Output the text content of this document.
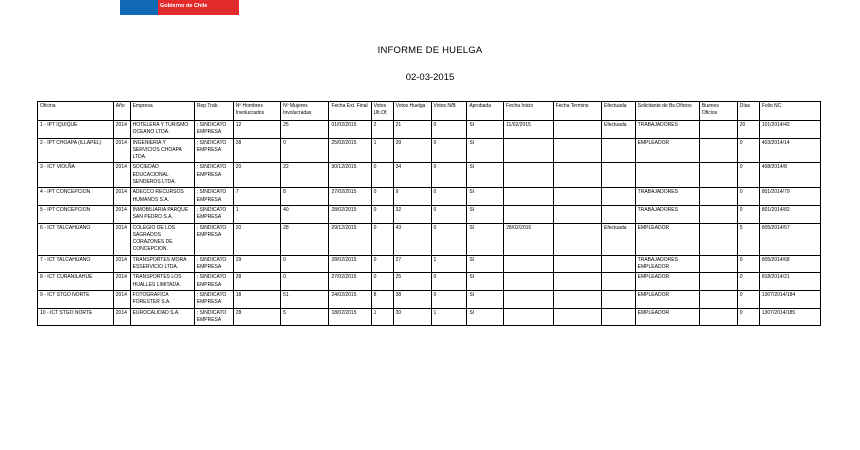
Gobierno de Chile
INFORME DE HUELGA
02-03-2015
Oficina	Año	Empresa	Rep.Trab.	Nº Hombres Involucrados	Nº Mujeres Involucradas	Fecha Ext. Final	Votos Ult.Of.	Votos Huelga	Votos N/B	Aprobada	Fecha Inicio	Fecha Termino	Efectuada	Solicitante de Bs.Oficios	Buenos Oficios	Días	Folio NC
1 - IPT IQUIQUE	2014	HOTELERA Y TURISMO OCEANO LTDA.	; SINDICATO EMPRESA	12	25	01/02/2015	2	21	0	SI	11/02/2015		Efectuada	TRABAJADORES		20	101/2014/42
2 - IPT CHOAPA (ILLAPEL)	2014	INGENIERIA Y SERVICIOS CHOAPA LTDA.	; SINDICATO EMPRESA	38	0	25/02/2015	1	39	0	SI				EMPLEADOR		0	403/2014/14
3 - ICT VIOLÑA	2014	SOCIEDAD EDUCACIONAL SENDEROS LTDA.	; SINDICATO EMPRESA	20	22	30/12/2015	0	34	0	SI						0	408/2014/8
4 - IPT CONCEPCION	2014	ADECCO RECURSOS HUMANOS S.A.	; SINDICATO EMPRESA	7	8	27/02/2015	0	9	0	SI				TRABAJADORES		0	801/2014/79
5 - IPT CONCEPCION	2014	INMOBILIARIA PARQUE SAN PEDRO S.A.	; SINDICATO EMPRESA	1	40	28/02/2015	0	32	0	SI				TRABAJADORES		0	801/2014/82
6 - ICT TALCAHUANO	2014	COLEGIO DE LOS SAGRADOS CORAZONES DE CONCEPCION.	; SINDICATO EMPRESA	20	28	29/12/2015	0	43	0	SI	28/02/2015		Efectuada	EMPLEADOR		5	805/2014/57
7 - ICT TALCAHUANO	2014	TRANSPORTES MORA ESSERVICIO LTDA.	; SINDICATO EMPRESA	29	0	28/02/2015	0	27	1	SI				TRABAJADORES EMPLEADOR		0	805/2014/68
8 - ICT CURANILAHUE	2014	TRANSPORTES LOS HUALLES LIMITADA.	; SINDICATO EMPRESA	28	0	27/02/2015	0	25	0	SI				EMPLEADOR		0	818/2014/21
9 - ICT STGO NORTE	2014	FOTOGRAFICA FORESTER S.A.	; SINDICATO EMPRESA	18	51	24/02/2015	8	38	0	SI				EMPLEADOR		0	1307/2014/184
10 - ICT STGO NORTE	2014	EUROCALIDAD S.A.	; SINDICATO EMPRESA	28	5	18/02/2015	1	30	1	SI				EMPLEADOR		0	1307/2014/185
